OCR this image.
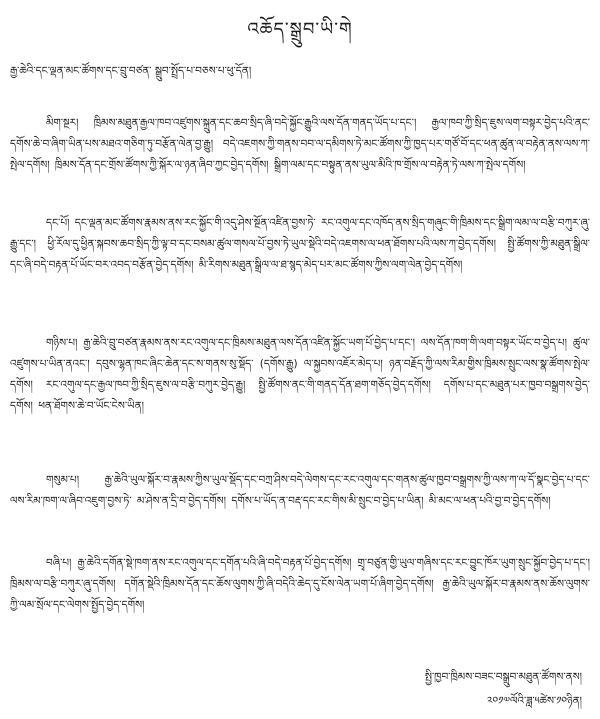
འཆོད་སྒྲུབ་ཡི་གེ
རྒྱ་ཆེའི་དང་ལྡན་མང་ཚོགས་དང་བྲུ་བཙན་ སྒྲུབ་སྤྲོད་པ་བཅས་པ་ཕུ་དོན།
མིག་སྔར། ཁྲིམས་མཐུན་རྒྱལ་ཁབ་འཛུགས་སྐྲུན་དང་ཆབ་སྲིད་ཞི་བདེ་སྐྱོང་རྒྱུའི་ལས་དོན་གནད་ཡོད་པ་དང་། རྒྱལ་ཁབ་ཀྱི་སྲིད་ཇུས་ལག་བསྟར་བྱེད་པའི་ནང་དགོས་ཆེ་བ་ཞིག་ཡིན་པས་མཐའ་གཅིག་ཏུ་བརྩོན་ལེན་བྱ་རྒྱུ། བདེ་འཇགས་ཀྱི་གནས་བབ་ལ་དམིགས་ཏེ་མང་ཚོགས་ཀྱི་ཁྱད་པར་གཙོ་བོ་དང་ཕན་ཚུན་ལ་བརྟེན་ནས་ལས་ཀ་སྤེལ་དགོས། ཁྲིམས་དོན་དང་གྲོས་ཚོགས་ཀྱི་སྐོར་ལ་ཉན་ཞིབ་ཀྱང་བྱེད་དགོས། སྒྲིག་ལམ་དང་བསྟུན་ནས་ཡུལ་མིའི་ཁ་གྲོས་ལ་བརྟེན་ཏེ་ལས་ཀ་སྤེལ་དགོས།
དང་པོ། དང་ལྡན་མང་ཚོགས་རྣམས་ནས་རང་སྐྱོང་གི་འདུ་ཤེས་སྔོན་འཛིན་བྱས་ཏེ་ རང་འགུལ་དང་འཁོད་ནས་སྲིད་གཞུང་གི་ཁྲིམས་དང་སྒྲིག་ལམ་ལ་བརྩི་བཀུར་ཞུ་རྒྱུ་དང་། ཕྱི་རོལ་དུ་ཕྱིན་སྐབས་ཆབ་སྲིད་ཀྱི་ལྟ་བ་དང་བསམ་ཚུལ་གསལ་པོ་བྱས་ཏེ་ཡུལ་སྡེའི་བདེ་འཇགས་ལ་ཕན་ཐོགས་པའི་ལས་ཀ་བྱེད་དགོས། སྤྱི་ཚོགས་ཀྱི་མཐུན་སྒྲིལ་དང་ཞི་བདེ་བརྟན་པོ་ཡོང་བར་འབད་བརྩོན་བྱེད་དགོས། མི་རིགས་མཐུན་སྒྲིལ་ལ་ཐ་སྙད་མེད་པར་མང་ཚོགས་ཀྱིས་ལག་ལེན་བྱེད་དགོས།
གཉིས་པ། རྒྱ་ཆེའི་བྲུ་བཙན་རྣམས་ནས་རང་འགུལ་དང་ཁྲིམས་མཐུན་ལས་དོན་འཛིན་སྐྱོང་ཡག་པོ་བྱེད་པ་དང་། ལས་དོན་ཁག་གི་ལག་བསྟར་ཡོང་བ་བྱེད་པ། ཚུལ་འཛུགས་པ་ཡིན་ནའང་། དབུས་ལྷན་ཁང་ཞིང་ཆེན་དང་ས་གནས་སུ་སྡོད་ (དགོས་རྒྱུ) ལ་སྐྱབས་འཇོར་མེད་པ། ཉན་བརྗོད་ཀྱི་ལས་རིམ་གྱིས་ཁྲིམས་སྲུང་ལས་སྣ་ཚོགས་སྤེལ་དགོས། རང་འགུལ་དང་རྒྱལ་ཁབ་ཀྱི་སྲིད་ཇུས་ལ་བརྩི་བཀུར་བྱེད་རྒྱུ། སྤྱི་ཚོགས་ནང་གི་གནད་དོན་ཐག་གཅོད་བྱེད་དགོས། དགོས་པ་དང་མཐུན་པར་ཁྱབ་བསྒྲགས་བྱེད་དགོས། ཕན་ཐོགས་ཆེ་བ་ཡོང་ངེས་ཡིན།
གསུམ་པ། རྒྱ་ཆེའི་ཡུལ་སྐོར་བ་རྣམས་ཀྱིས་ཡུལ་སྡོད་དང་བཀྲ་ཤིས་བདེ་ལེགས་དང་རང་འགུལ་དང་གནས་ཚུལ་ཁྱབ་བསྒྲགས་ཀྱི་ལས་ཀ་ལ་དོ་སྣང་བྱེད་པ་དང་ ལས་རིམ་ཁག་ལ་ཞིབ་འཇུག་བྱས་ཏེ་ མ་ཤེས་ན་དྲི་བ་བྱེད་དགོས། དགོས་པ་ཡོད་ན་བརྡ་དང་རང་གིས་མི་སྲུང་བ་བྱེད་པ་ཡིན། མི་མང་ལ་ཕན་པའི་བྱ་བ་བྱེད་དགོས།
བཞི་པ། རྒྱ་ཆེའི་དགོན་སྡེ་ཁག་ནས་རང་འགུལ་དང་དགོན་པའི་ཞི་བདེ་བརྟན་པོ་བྱེད་དགོས། གྲྭ་བཙུན་གྱི་ཡུལ་གཞིས་དང་རང་བྱུང་ཁོར་ཡུག་སྲུང་སྐྱོབ་བྱེད་པ་དང་། ཁྲིམས་ལ་བརྩི་བཀུར་ཞུ་དགོས། དགོན་སྡེའི་ཁྲིམས་དོན་དང་ཆོས་ལུགས་ཀྱི་ཞི་བདེའི་ཆེད་དུ་ངོས་ལེན་ཡག་པོ་ཞིག་བྱེད་དགོས། རྒྱ་ཆེའི་ཡུལ་སྐོར་བ་རྣམས་ནས་ཆོས་ལུགས་ཀྱི་ལམ་སྲོལ་དང་ལེགས་སྤྱོད་བྱེད་དགོས།
སྤྱི་ཁྱབ་ཁྲིམས་བཟང་བསྒྲུབ་མཐུན་ཚོགས་ནས།
༢༠༡༧ལོའི་ཟླ་༥ཚེས་༡༠ཉིན།
